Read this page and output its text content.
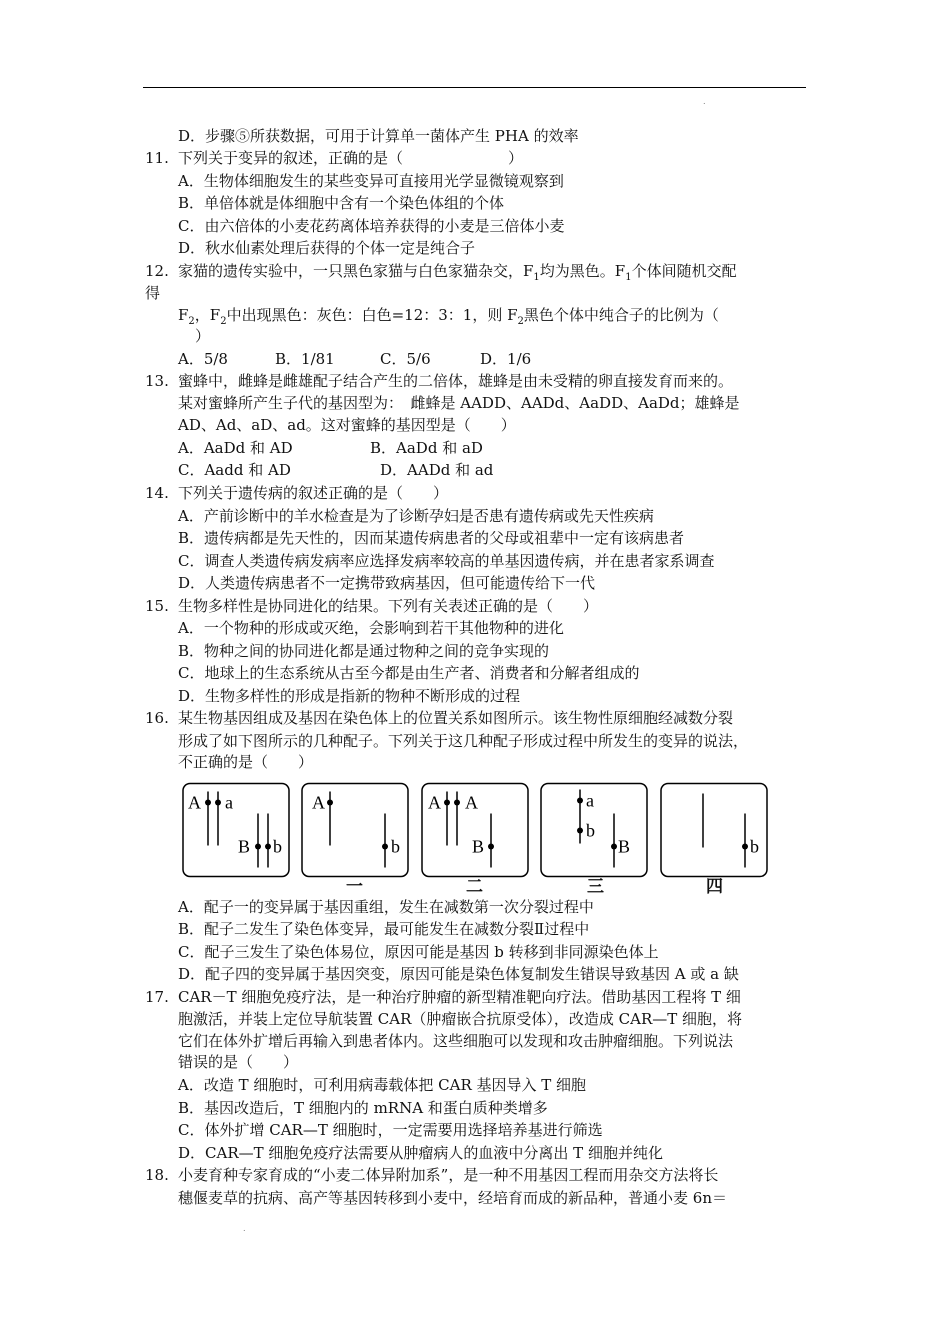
.
D．步骤⑤所获数据，可用于计算单一菌体产生 PHA 的效率
11. 下列关于变异的叙述，正确的是（　　　　　　　）
A．生物体细胞发生的某些变异可直接用光学显微镜观察到
B．单倍体就是体细胞中含有一个染色体组的个体
C．由六倍体的小麦花药离体培养获得的小麦是三倍体小麦
D．秋水仙素处理后获得的个体一定是纯合子
12. 家猫的遗传实验中，一只黑色家猫与白色家猫杂交，$F_1$均为黑色。$F_1$个体间随机交配
得
$F_2$，$F_2$中出现黑色：灰色：白色=12：3：1，则 $F_2$黑色个体中纯合子的比例为（
）
A．5/8	B．1/81	C．5/6	D．1/6
13. 蜜蜂中，雌蜂是雌雄配子结合产生的二倍体，雄蜂是由未受精的卵直接发育而来的。
某对蜜蜂所产生子代的基因型为：　雌蜂是 AADD、AADd、AaDD、AaDd；雄蜂是
AD、Ad、aD、ad。这对蜜蜂的基因型是（　　）
A．AaDd 和 AD	B．AaDd 和 aD
C．Aadd 和 AD	D．AADd 和 ad
14. 下列关于遗传病的叙述正确的是（　　）
A．产前诊断中的羊水检查是为了诊断孕妇是否患有遗传病或先天性疾病
B．遗传病都是先天性的，因而某遗传病患者的父母或祖辈中一定有该病患者
C．调查人类遗传病发病率应选择发病率较高的单基因遗传病，并在患者家系调查
D．人类遗传病患者不一定携带致病基因，但可能遗传给下一代
15. 生物多样性是协同进化的结果。下列有关表述正确的是（　　）
A．一个物种的形成或灭绝，会影响到若干其他物种的进化
B．物种之间的协同进化都是通过物种之间的竞争实现的
C．地球上的生态系统从古至今都是由生产者、消费者和分解者组成的
D．生物多样性的形成是指新的物种不断形成的过程
16. 某生物基因组成及基因在染色体上的位置关系如图所示。该生物性原细胞经减数分裂
形成了如下图所示的几种配子。下列关于这几种配子形成过程中所发生的变异的说法，
不正确的是（　　）
A a
B b
A
b
A A
B
a
b
B	b
一	二	三	四
A．配子一的变异属于基因重组，发生在减数第一次分裂过程中
B．配子二发生了染色体变异，最可能发生在减数分裂Ⅱ过程中
C．配子三发生了染色体易位，原因可能是基因 b 转移到非同源染色体上
D．配子四的变异属于基因突变，原因可能是染色体复制发生错误导致基因 A 或 a 缺
17. CAR－T 细胞免疫疗法，是一种治疗肿瘤的新型精准靶向疗法。借助基因工程将 T 细
胞激活，并装上定位导航装置 CAR（肿瘤嵌合抗原受体），改造成 CAR—T 细胞，将
它们在体外扩增后再输入到患者体内。这些细胞可以发现和攻击肿瘤细胞。下列说法
错误的是（　　）
A．改造 T 细胞时，可利用病毒载体把 CAR 基因导入 T 细胞
B．基因改造后，T 细胞内的 mRNA 和蛋白质种类增多
C．体外扩增 CAR—T 细胞时，一定需要用选择培养基进行筛选
D．CAR—T 细胞免疫疗法需要从肿瘤病人的血液中分离出 T 细胞并纯化
18. 小麦育种专家育成的“小麦二体异附加系”，是一种不用基因工程而用杂交方法将长
穗偃麦草的抗病、高产等基因转移到小麦中，经培育而成的新品种，普通小麦 6n＝
.
